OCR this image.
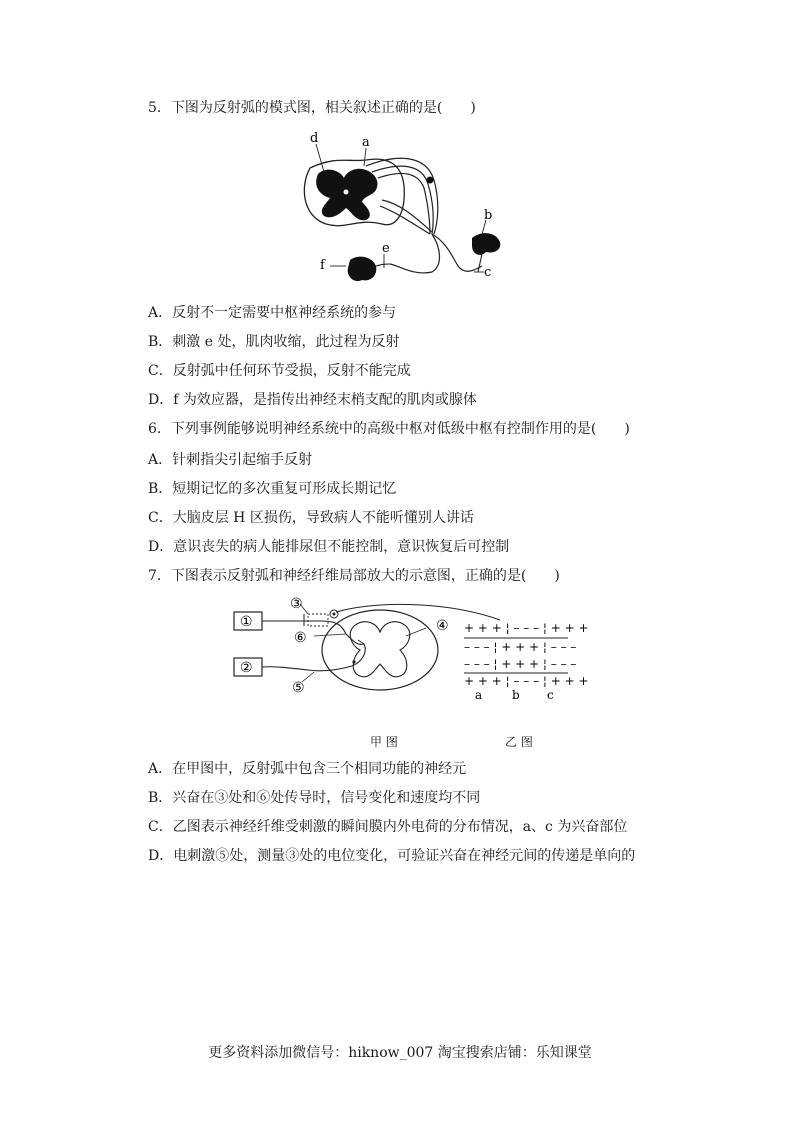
5．下图为反射弧的模式图，相关叙述正确的是(　　)
d	a
b
c
e
f
A．反射不一定需要中枢神经系统的参与
B．刺激 e 处，肌肉收缩，此过程为反射
C．反射弧中任何环节受损，反射不能完成
D．f 为效应器，是指传出神经末梢支配的肌肉或腺体
6．下列事例能够说明神经系统中的高级中枢对低级中枢有控制作用的是(　　)
A．针刺指尖引起缩手反射
B．短期记忆的多次重复可形成长期记忆
C．大脑皮层 H 区损伤，导致病人不能听懂别人讲话
D．意识丧失的病人能排尿但不能控制，意识恢复后可控制
7．下图表示反射弧和神经纤维局部放大的示意图，正确的是(　　)
①
②
③
⑥
④
⑤
+ + + ¦ – – – ¦ + + +
– – – ¦ + + + ¦ – – –
– – – ¦ + + + ¦ – – –
+ + + ¦ – – – ¦ + + +
a b c
甲 图	乙 图
A．在甲图中，反射弧中包含三个相同功能的神经元
B．兴奋在③处和⑥处传导时，信号变化和速度均不同
C．乙图表示神经纤维受刺激的瞬间膜内外电荷的分布情况，a、c 为兴奋部位
D．电刺激⑤处，测量③处的电位变化，可验证兴奋在神经元间的传递是单向的
更多资料添加微信号：hiknow_007 淘宝搜索店铺：乐知课堂
